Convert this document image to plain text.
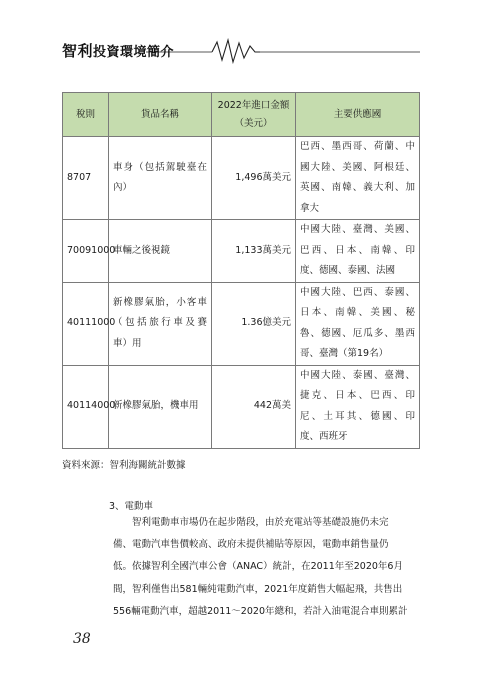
智利投資環境簡介
稅則	貨品名稱	2022年進口金額
（美元）	主要供應國
8707	車身（包括駕駛臺在
內）	1,496萬美元	巴西、墨西哥、荷蘭、中
國大陸、美國、阿根廷、
英國、南韓、義大利、加
拿大

70091000	車輛之後視鏡	1,133萬美元	中國大陸、臺灣、美國、
巴西、日本、南韓、印
度、德國、泰國、法國

40111000	新橡膠氣胎，小客車
（包括旅行車及賽
車）用	1.36億美元	中國大陸、巴西、泰國、
日本、南韓、美國、秘
魯、德國、厄瓜多、墨西
哥、臺灣（第19名）

40114000	新橡膠氣胎，機車用	442萬美	中國大陸、泰國、臺灣、
捷克、日本、巴西、印
尼、土耳其、德國、印
度、西班牙
資料來源：智利海關統計數據
3、電動車
智利電動車市場仍在起步階段，由於充電站等基礎設施仍未完
備、電動汽車售價較高、政府未提供補貼等原因，電動車銷售量仍
低。依據智利全國汽車公會（ANAC）統計，在2011年至2020年6月
間，智利僅售出581輛純電動汽車，2021年度銷售大幅起飛，共售出
556輛電動汽車，超越2011～2020年總和，若計入油電混合車則累計
38
